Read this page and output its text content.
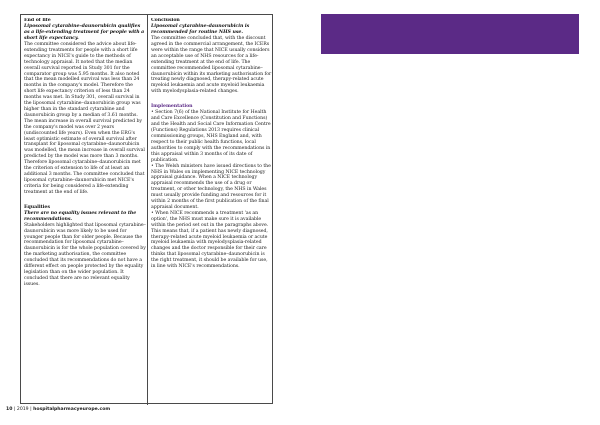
End of life
Liposomal cytarabine–daunorubicin qualifies as a life-extending treatment for people with a short life expectancy.
The committee considered the advice about life-extending treatments for people with a short life expectancy in NICE's guide to the methods of technology appraisal. It noted that the median overall survival reported in Study 301 for the comparator group was 5.95 months. It also noted that the mean modelled survival was less than 24 months in the company's model. Therefore the short life expectancy criterion of less than 24 months was met. In Study 301, overall survival in the liposomal cytarabine–daunorubicin group was higher than in the standard cytarabine and daunorubicin group by a median of 3.61 months. The mean increase in overall survival predicted by the company's model was over 2 years (undiscounted life years). Even when the ERG's least optimistic estimate of overall survival after transplant for liposomal cytarabine–daunorubicin was modelled, the mean increase in overall survival predicted by the model was more than 3 months. Therefore liposomal cytarabine–daunorubicin met the criterion of extension to life of at least an additional 3 months. The committee concluded that liposomal cytarabine–daunorubicin met NICE's criteria for being considered a life-extending treatment at the end of life.
Equalities
There are no equality issues relevant to the recommendations.
Stakeholders highlighted that liposomal cytarabine–daunorubicin was more likely to be used for younger people than for older people. Because the recommendation for liposomal cytarabine–daunorubicin is for the whole population covered by the marketing authorisation, the committee concluded that its recommendations do not have a different effect on people protected by the equality legislation than on the wider population. It concluded that there are no relevant equality issues.
Conclusion
Liposomal cytarabine–daunorubicin is recommended for routine NHS use.
The committee concluded that, with the discount agreed in the commercial arrangement, the ICERs were within the range that NICE usually considers an acceptable use of NHS resources for a life-extending treatment at the end of life. The committee recommended liposomal cytarabine–daunorubicin within its marketing authorisation for treating newly diagnosed, therapy-related acute myeloid leukaemia and acute myeloid leukaemia with myelodysplasia-related changes.
Implementation
• Section 7(6) of the National Institute for Health and Care Excellence (Constitution and Functions) and the Health and Social Care Information Centre (Functions) Regulations 2013 requires clinical commissioning groups, NHS England and, with respect to their public health functions, local authorities to comply with the recommendations in this appraisal within 3 months of its date of publication.
• The Welsh ministers have issued directions to the NHS in Wales on implementing NICE technology appraisal guidance. When a NICE technology appraisal recommends the use of a drug or treatment, or other technology, the NHS in Wales must usually provide funding and resources for it within 2 months of the first publication of the final appraisal document.
• When NICE recommends a treatment 'as an option', the NHS must make sure it is available within the period set out in the paragraphs above. This means that, if a patient has newly diagnosed, therapy-related acute myeloid leukaemia or acute myeloid leukaemia with myelodysplasia-related changes and the doctor responsible for their care thinks that liposomal cytarabine–daunorubicin is the right treatment, it should be available for use, in line with NICE's recommendations.
10 | 2019 | hospitalpharmacyeurope.com
